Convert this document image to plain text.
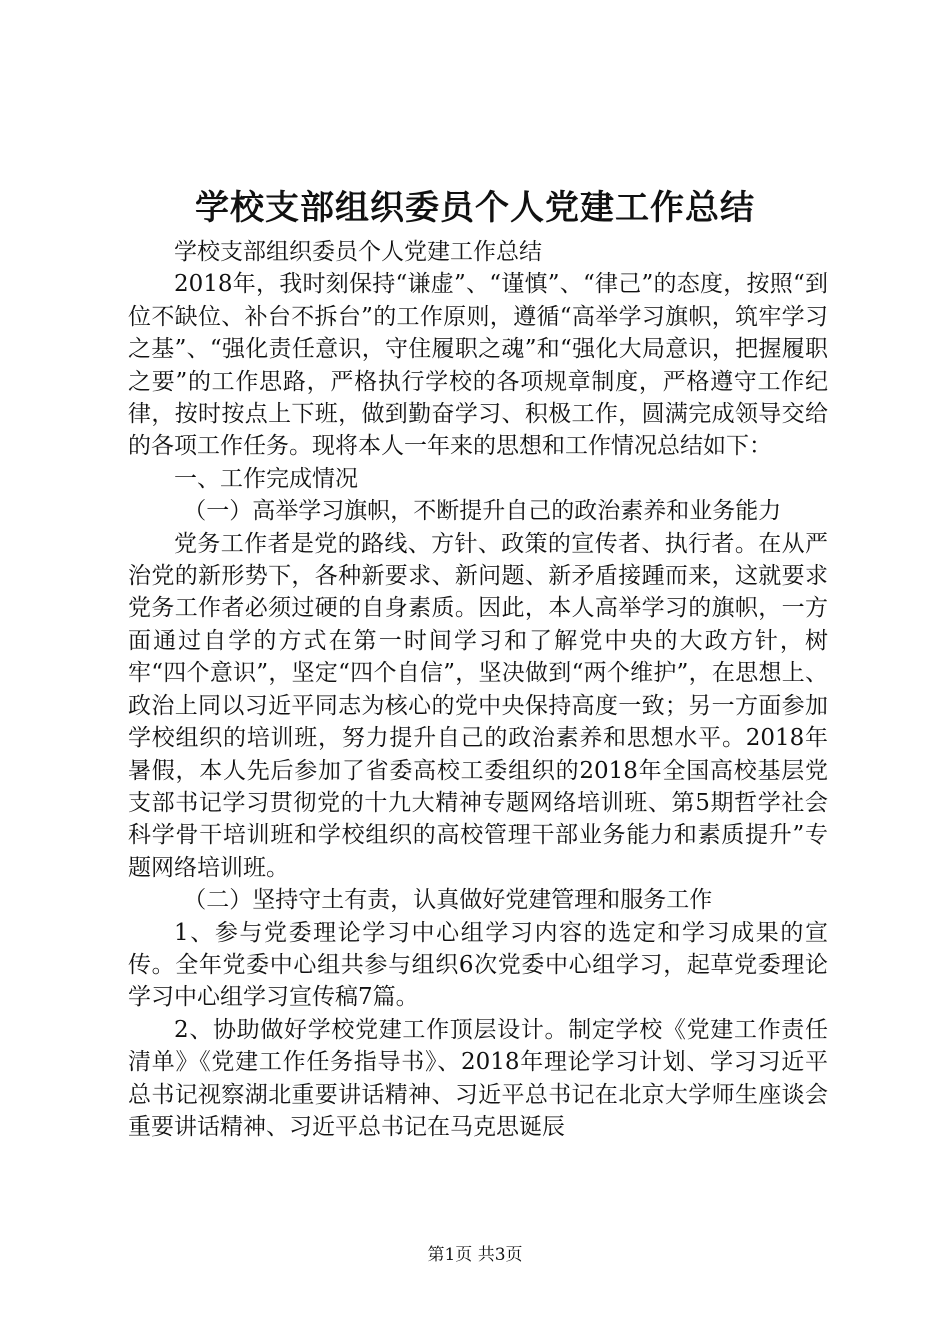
学校支部组织委员个人党建工作总结

学校支部组织委员个人党建工作总结

2018年，我时刻保持“谦虚”、“谨慎”、“律己”的态度，按照“到位不缺位、补台不拆台”的工作原则，遵循“高举学习旗帜，筑牢学习之基”、“强化责任意识，守住履职之魂”和“强化大局意识，把握履职之要”的工作思路，严格执行学校的各项规章制度，严格遵守工作纪律，按时按点上下班，做到勤奋学习、积极工作，圆满完成领导交给的各项工作任务。现将本人一年来的思想和工作情况总结如下：

一、工作完成情况

（一）高举学习旗帜，不断提升自己的政治素养和业务能力

党务工作者是党的路线、方针、政策的宣传者、执行者。在从严治党的新形势下，各种新要求、新问题、新矛盾接踵而来，这就要求党务工作者必须过硬的自身素质。因此，本人高举学习的旗帜，一方面通过自学的方式在第一时间学习和了解党中央的大政方针，树牢“四个意识”，坚定“四个自信”，坚决做到“两个维护”，在思想上、政治上同以习近平同志为核心的党中央保持高度一致；另一方面参加学校组织的培训班，努力提升自己的政治素养和思想水平。2018年暑假，本人先后参加了省委高校工委组织的2018年全国高校基层党支部书记学习贯彻党的十九大精神专题网络培训班、第5期哲学社会科学骨干培训班和学校组织的高校管理干部业务能力和素质提升”专题网络培训班。

（二）坚持守土有责，认真做好党建管理和服务工作

1、参与党委理论学习中心组学习内容的选定和学习成果的宣传。全年党委中心组共参与组织6次党委中心组学习，起草党委理论学习中心组学习宣传稿7篇。

2、协助做好学校党建工作顶层设计。制定学校《党建工作责任清单》《党建工作任务指导书》、2018年理论学习计划、学习习近平总书记视察湖北重要讲话精神、习近平总书记在北京大学师生座谈会重要讲话精神、习近平总书记在马克思诞辰

第1页 共3页
